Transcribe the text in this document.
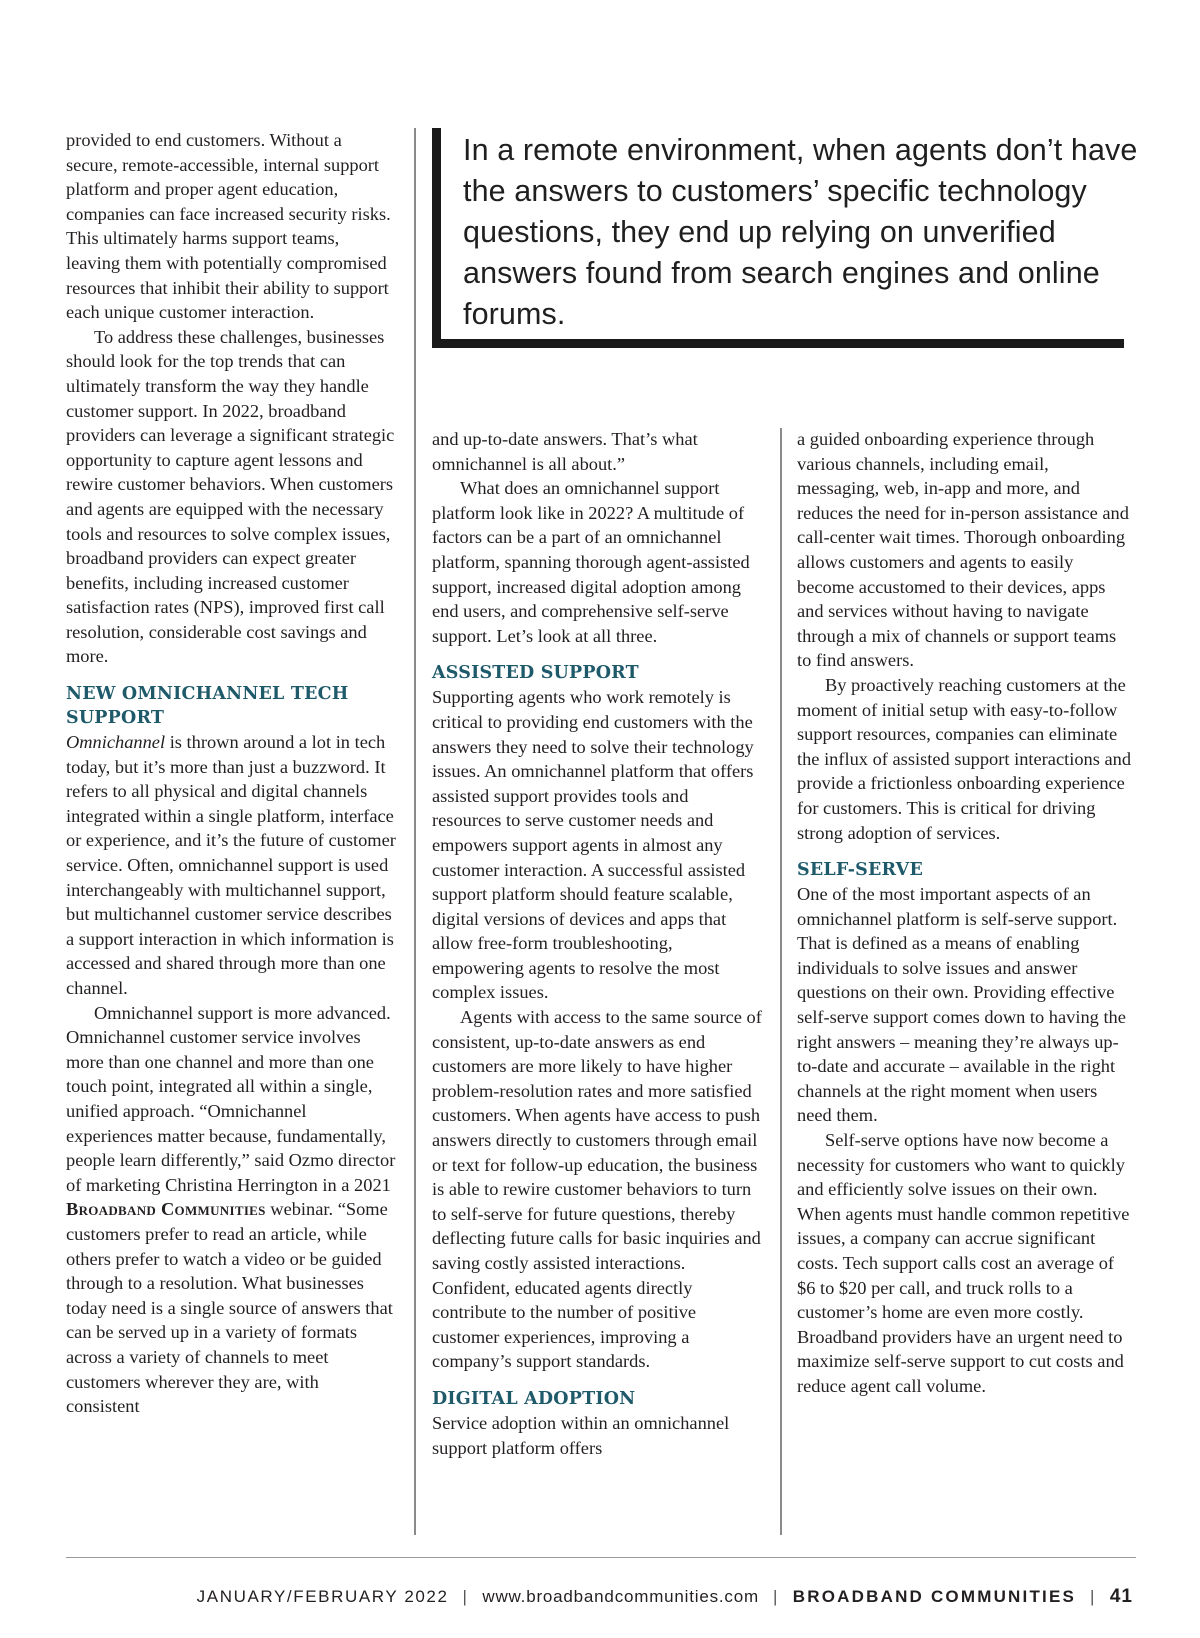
provided to end customers. Without a secure, remote-accessible, internal support platform and proper agent education, companies can face increased security risks. This ultimately harms support teams, leaving them with potentially compromised resources that inhibit their ability to support each unique customer interaction.

To address these challenges, businesses should look for the top trends that can ultimately transform the way they handle customer support. In 2022, broadband providers can leverage a significant strategic opportunity to capture agent lessons and rewire customer behaviors. When customers and agents are equipped with the necessary tools and resources to solve complex issues, broadband providers can expect greater benefits, including increased customer satisfaction rates (NPS), improved first call resolution, considerable cost savings and more.

NEW OMNICHANNEL TECH SUPPORT

Omnichannel is thrown around a lot in tech today, but it’s more than just a buzzword. It refers to all physical and digital channels integrated within a single platform, interface or experience, and it’s the future of customer service. Often, omnichannel support is used interchangeably with multichannel support, but multichannel customer service describes a support interaction in which information is accessed and shared through more than one channel.

Omnichannel support is more advanced. Omnichannel customer service involves more than one channel and more than one touch point, integrated all within a single, unified approach. “Omnichannel experiences matter because, fundamentally, people learn differently,” said Ozmo director of marketing Christina Herrington in a 2021 Broadband Communities webinar. “Some customers prefer to read an article, while others prefer to watch a video or be guided through to a resolution. What businesses today need is a single source of answers that can be served up in a variety of formats across a variety of channels to meet customers wherever they are, with consistent

In a remote environment, when agents don’t have the answers to customers’ specific technology questions, they end up relying on unverified answers found from search engines and online forums.

and up-to-date answers. That’s what omnichannel is all about.”

What does an omnichannel support platform look like in 2022? A multitude of factors can be a part of an omnichannel platform, spanning thorough agent-assisted support, increased digital adoption among end users, and comprehensive self-serve support. Let’s look at all three.

ASSISTED SUPPORT

Supporting agents who work remotely is critical to providing end customers with the answers they need to solve their technology issues. An omnichannel platform that offers assisted support provides tools and resources to serve customer needs and empowers support agents in almost any customer interaction. A successful assisted support platform should feature scalable, digital versions of devices and apps that allow free-form troubleshooting, empowering agents to resolve the most complex issues.

Agents with access to the same source of consistent, up-to-date answers as end customers are more likely to have higher problem-resolution rates and more satisfied customers. When agents have access to push answers directly to customers through email or text for follow-up education, the business is able to rewire customer behaviors to turn to self-serve for future questions, thereby deflecting future calls for basic inquiries and saving costly assisted interactions. Confident, educated agents directly contribute to the number of positive customer experiences, improving a company’s support standards.

DIGITAL ADOPTION

Service adoption within an omnichannel support platform offers

a guided onboarding experience through various channels, including email, messaging, web, in-app and more, and reduces the need for in-person assistance and call-center wait times. Thorough onboarding allows customers and agents to easily become accustomed to their devices, apps and services without having to navigate through a mix of channels or support teams to find answers.

By proactively reaching customers at the moment of initial setup with easy-to-follow support resources, companies can eliminate the influx of assisted support interactions and provide a frictionless onboarding experience for customers. This is critical for driving strong adoption of services.

SELF-SERVE

One of the most important aspects of an omnichannel platform is self-serve support. That is defined as a means of enabling individuals to solve issues and answer questions on their own. Providing effective self-serve support comes down to having the right answers – meaning they’re always up-to-date and accurate – available in the right channels at the right moment when users need them.

Self-serve options have now become a necessity for customers who want to quickly and efficiently solve issues on their own. When agents must handle common repetitive issues, a company can accrue significant costs. Tech support calls cost an average of $6 to $20 per call, and truck rolls to a customer’s home are even more costly. Broadband providers have an urgent need to maximize self-serve support to cut costs and reduce agent call volume.

JANUARY/FEBRUARY 2022 | www.broadbandcommunities.com | BROADBAND COMMUNITIES | 41
